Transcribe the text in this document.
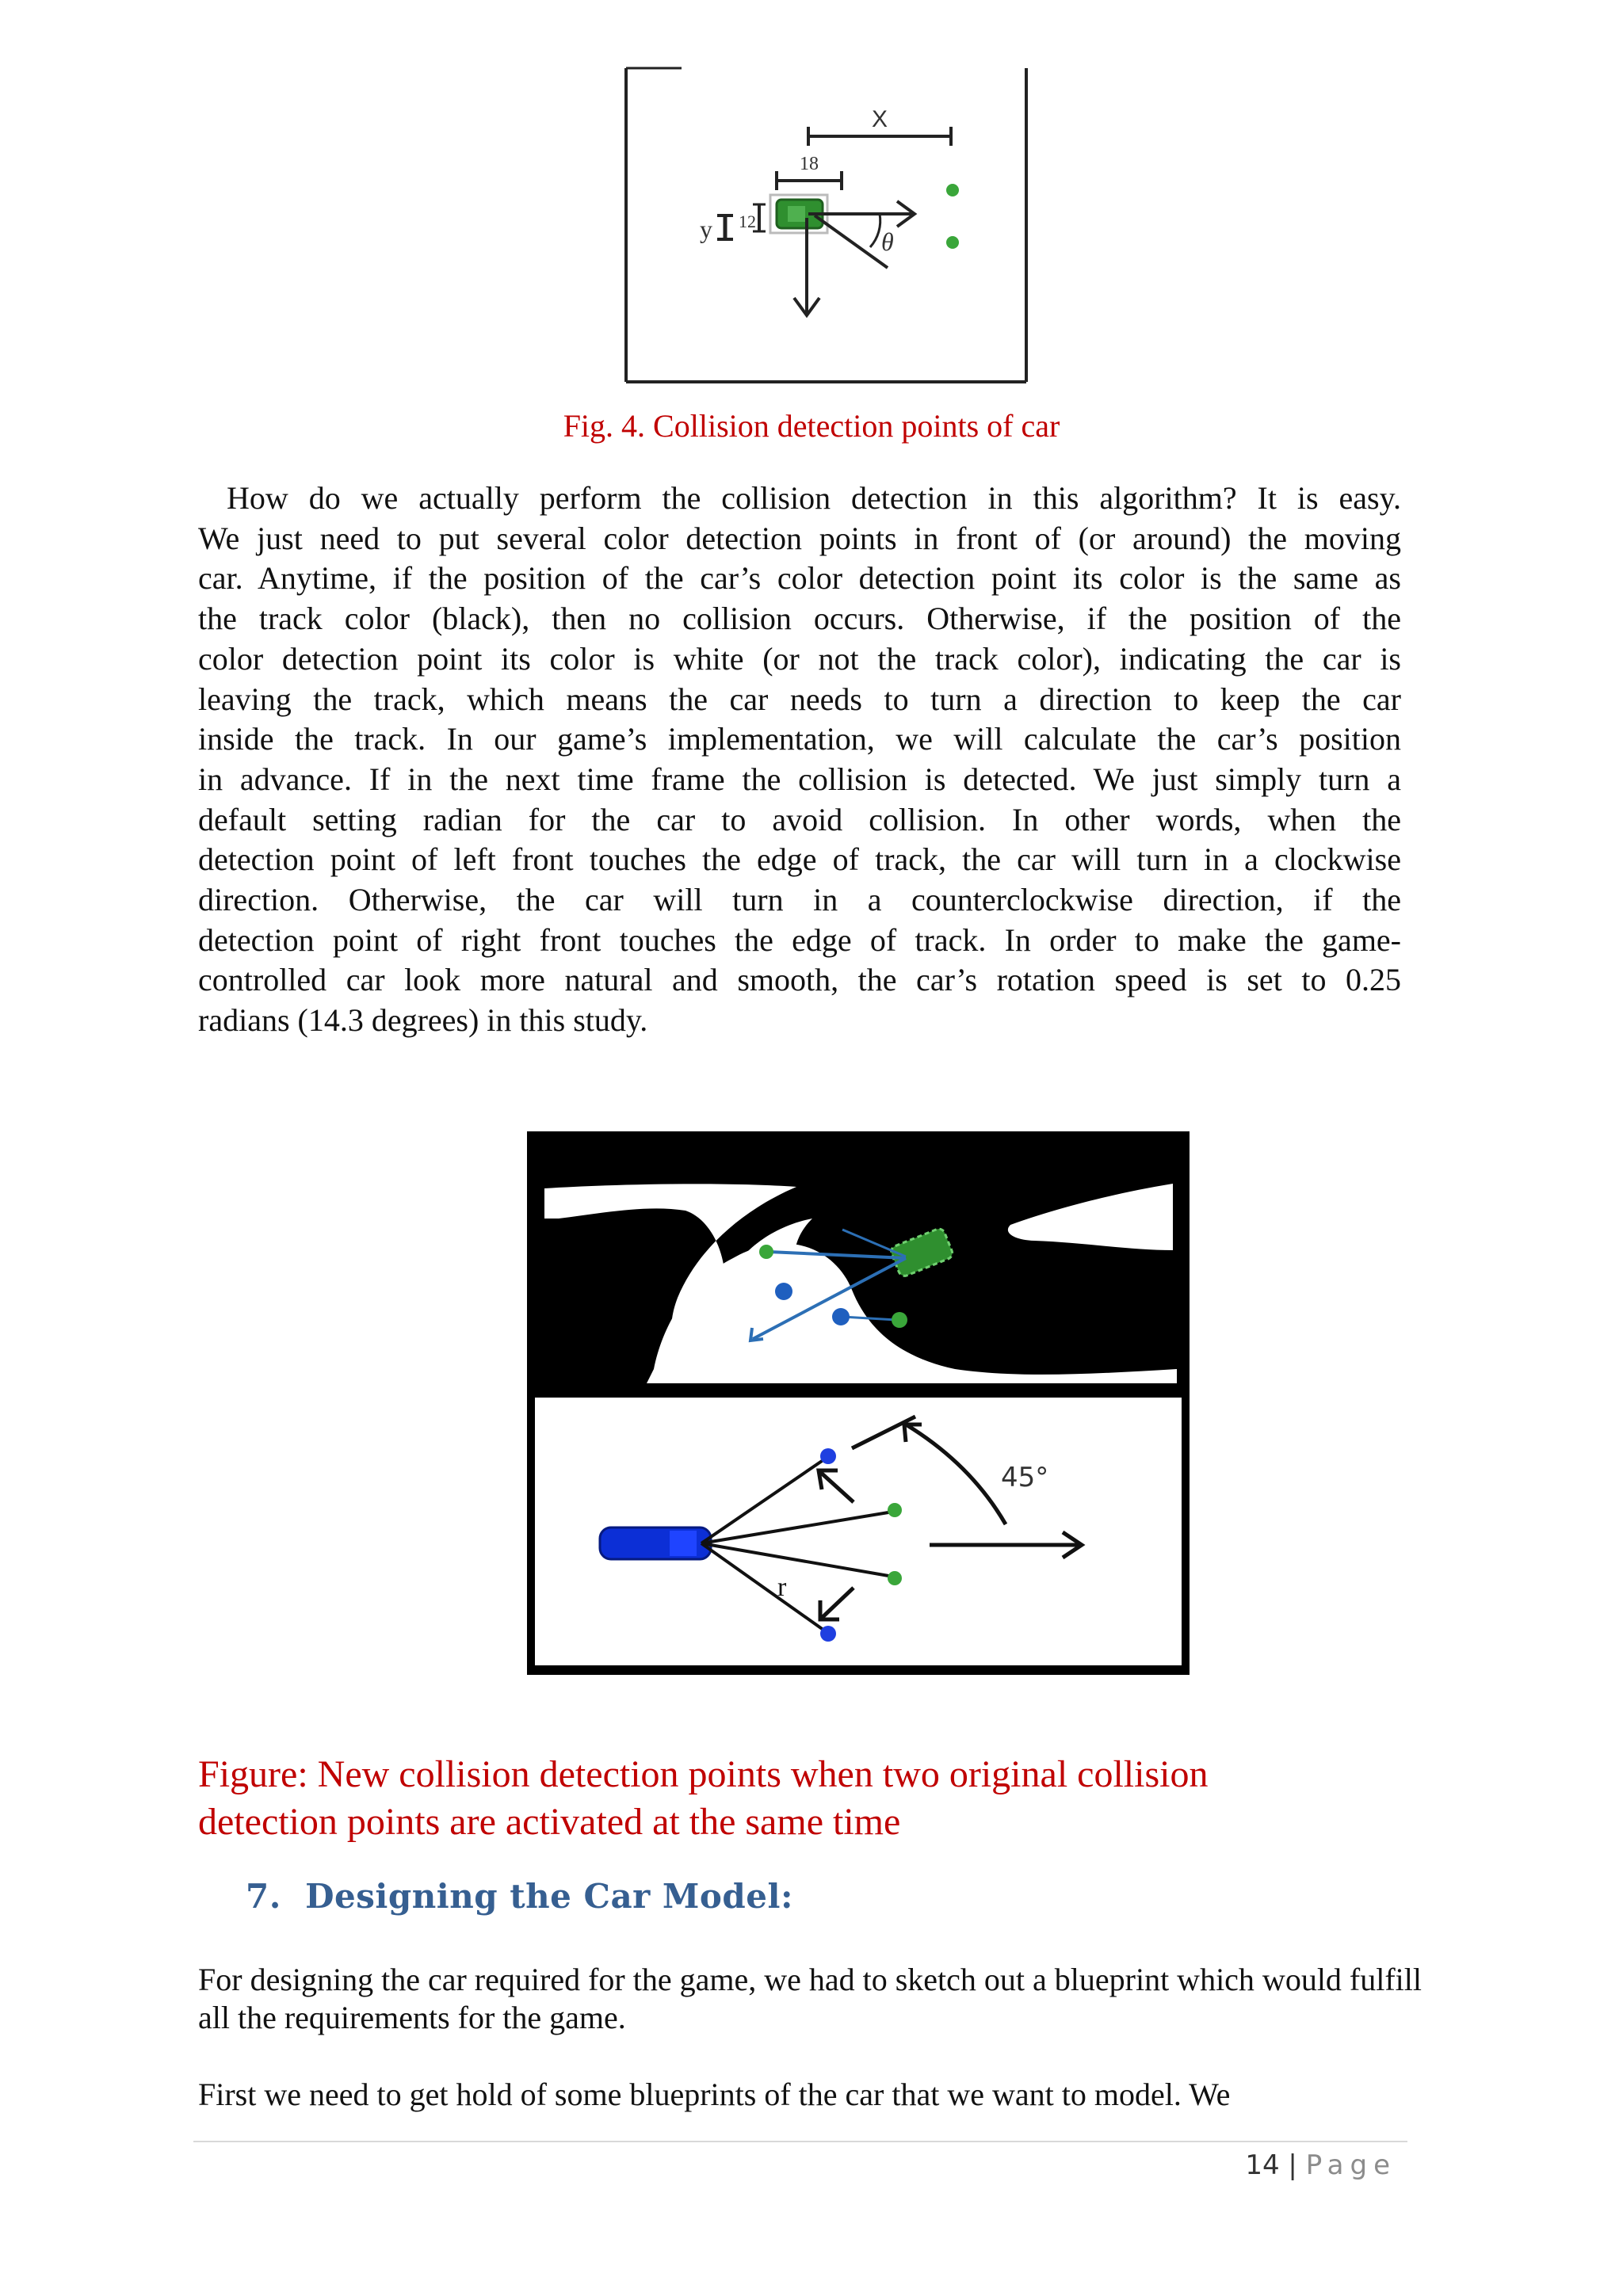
X
18
y 12
θ
Fig. 4. Collision detection points of car
How do we actually perform the collision detection in this algorithm? It is easy.
We just need to put several color detection points in front of (or around) the moving
car. Anytime, if the position of the car’s color detection point its color is the same as
the track color (black), then no collision occurs. Otherwise, if the position of the
color detection point its color is white (or not the track color), indicating the car is
leaving the track, which means the car needs to turn a direction to keep the car
inside the track. In our game’s implementation, we will calculate the car’s position
in advance. If in the next time frame the collision is detected. We just simply turn a
default setting radian for the car to avoid collision. In other words, when the
detection point of left front touches the edge of track, the car will turn in a clockwise
direction. Otherwise, the car will turn in a counterclockwise direction, if the
detection point of right front touches the edge of track. In order to make the game-
controlled car look more natural and smooth, the car’s rotation speed is set to 0.25
radians (14.3 degrees) in this study.
r
45°
Figure: New collision detection points when two original collision
detection points are activated at the same time
7. Designing the Car Model:
For designing the car required for the game, we had to sketch out a blueprint which would fulfill all the requirements for the game.
First we need to get hold of some blueprints of the car that we want to model. We
14 | Page
